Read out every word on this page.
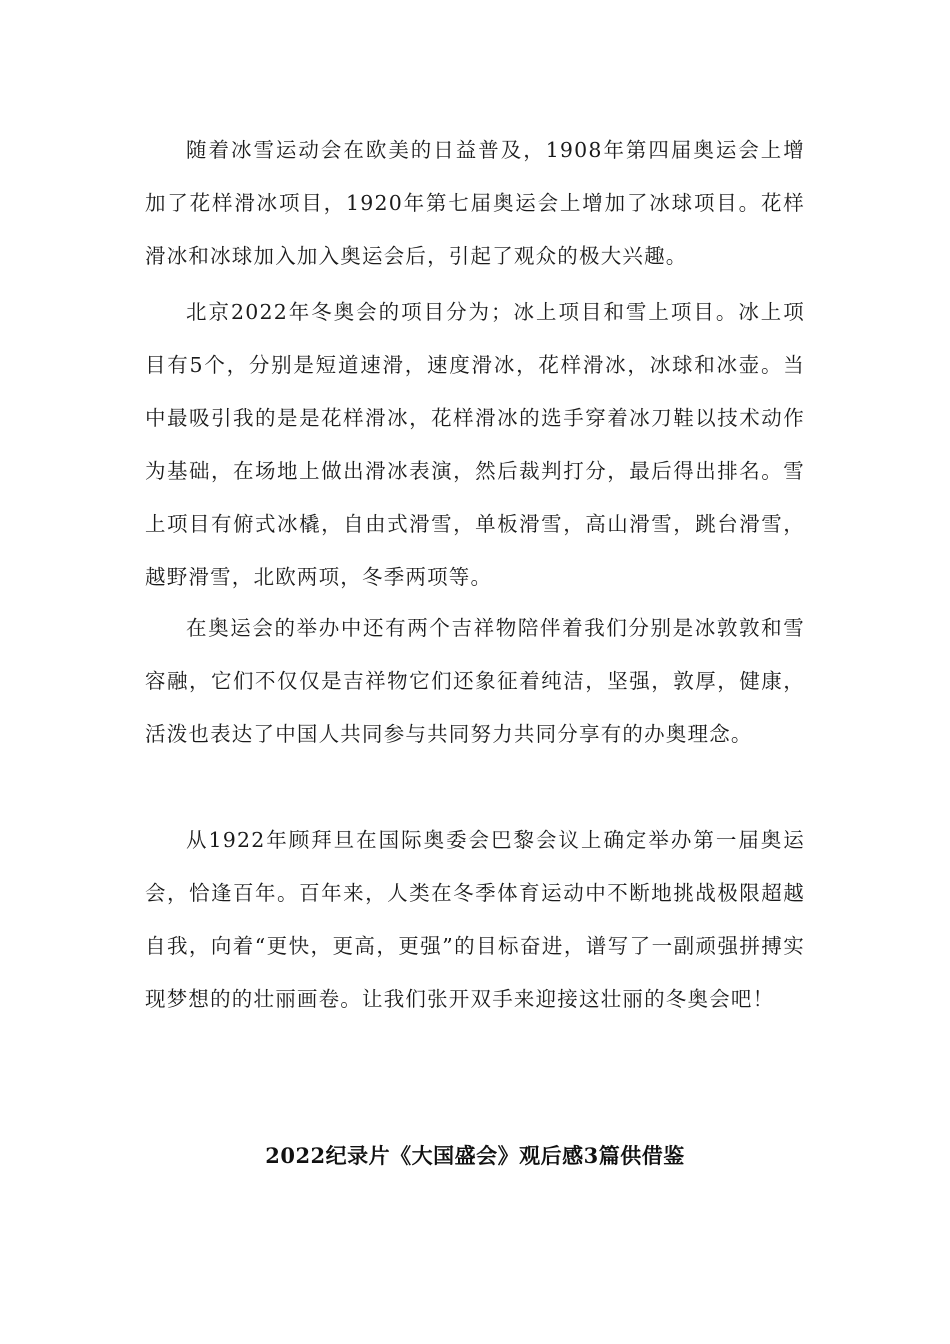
随着冰雪运动会在欧美的日益普及，1908年第四届奥运会上增加了花样滑冰项目，1920年第七届奥运会上增加了冰球项目。花样滑冰和冰球加入加入奥运会后，引起了观众的极大兴趣。

北京2022年冬奥会的项目分为；冰上项目和雪上项目。冰上项目有5个，分别是短道速滑，速度滑冰，花样滑冰，冰球和冰壶。当中最吸引我的是是花样滑冰，花样滑冰的选手穿着冰刀鞋以技术动作为基础，在场地上做出滑冰表演，然后裁判打分，最后得出排名。雪上项目有俯式冰橇，自由式滑雪，单板滑雪，高山滑雪，跳台滑雪，越野滑雪，北欧两项，冬季两项等。

在奥运会的举办中还有两个吉祥物陪伴着我们分别是冰敦敦和雪容融，它们不仅仅是吉祥物它们还象征着纯洁，坚强，敦厚，健康，活泼也表达了中国人共同参与共同努力共同分享有的办奥理念。

从1922年顾拜旦在国际奥委会巴黎会议上确定举办第一届奥运会，恰逢百年。百年来，人类在冬季体育运动中不断地挑战极限超越自我，向着“更快，更高，更强”的目标奋进，谱写了一副顽强拼搏实现梦想的的壮丽画卷。让我们张开双手来迎接这壮丽的冬奥会吧！

2022纪录片《大国盛会》观后感3篇供借鉴
